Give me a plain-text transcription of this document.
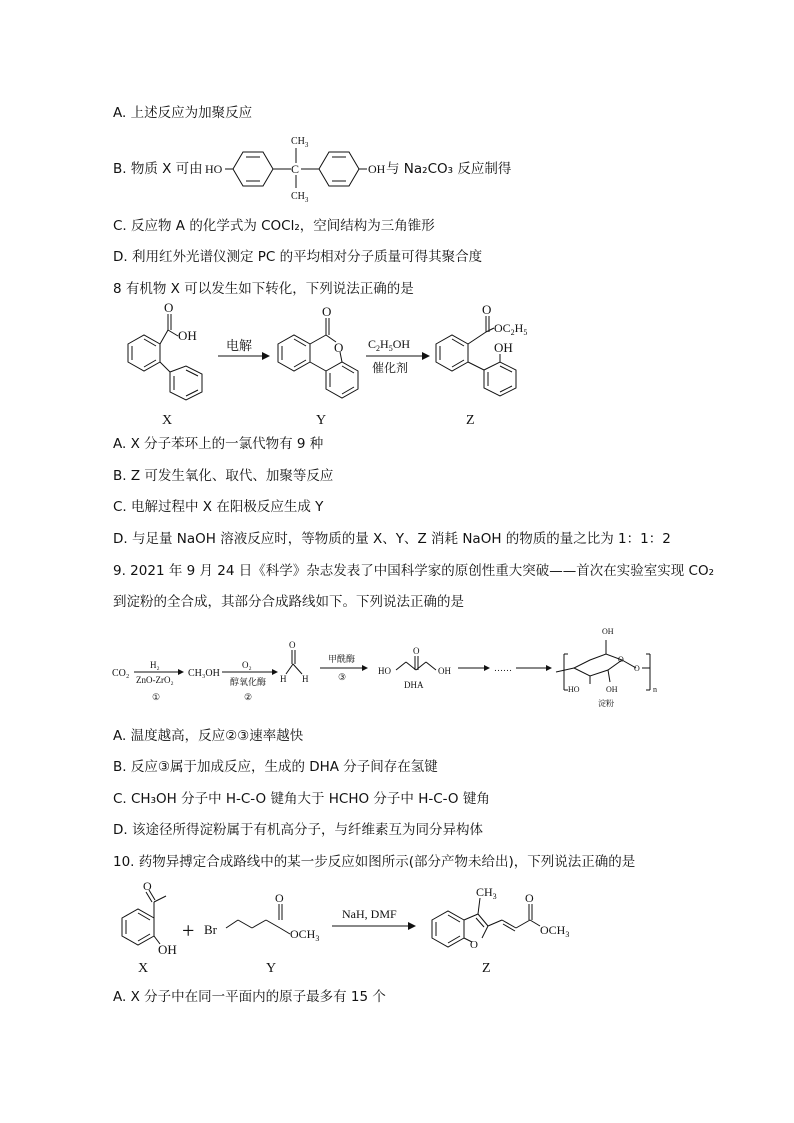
A. 上述反应为加聚反应
B. 物质 X 可由 HO	C
$CH_3$
$CH_3$
OH 与 Na₂CO₃ 反应制得
C. 反应物 A 的化学式为 COCl₂，空间结构为三角锥形
D. 利用红外光谱仪测定 PC 的平均相对分子质量可得其聚合度
8 有机物 X 可以发生如下转化，下列说法正确的是
O
OH
X
电解
O
O
Y
$C_2H_5OH$
催化剂
O
$OC_2H_5$
OH
Z
A. X 分子苯环上的一氯代物有 9 种
B. Z 可发生氧化、取代、加聚等反应
C. 电解过程中 X 在阳极反应生成 Y
D. 与足量 NaOH 溶液反应时，等物质的量 X、Y、Z 消耗 NaOH 的物质的量之比为 1：1：2
9. 2021 年 9 月 24 日《科学》杂志发表了中国科学家的原创性重大突破——首次在实验室实现 CO₂
到淀粉的全合成，其部分合成路线如下。下列说法正确的是
CO₂
H₂
ZnO-ZrO₂
①
CH₃OH
O₂
醇氧化酶
②
O
H H
甲酰酶
③
HO	OH
O
DHA
……
OH
HO	OH
O
O
n
淀粉
A. 温度越高，反应②③速率越快
B. 反应③属于加成反应，生成的 DHA 分子间存在氢键
C. CH₃OH 分子中 H-C-O 键角大于 HCHO 分子中 H-C-O 键角
D. 该途径所得淀粉属于有机高分子，与纤维素互为同分异构体
10. 药物异搏定合成路线中的某一步反应如图所示(部分产物未给出)，下列说法正确的是
O
OH
X
+ Br
O
$OCH_3$
Y
NaH, DMF
$CH_3$
O
O
$OCH_3$
Z
A. X 分子中在同一平面内的原子最多有 15 个
